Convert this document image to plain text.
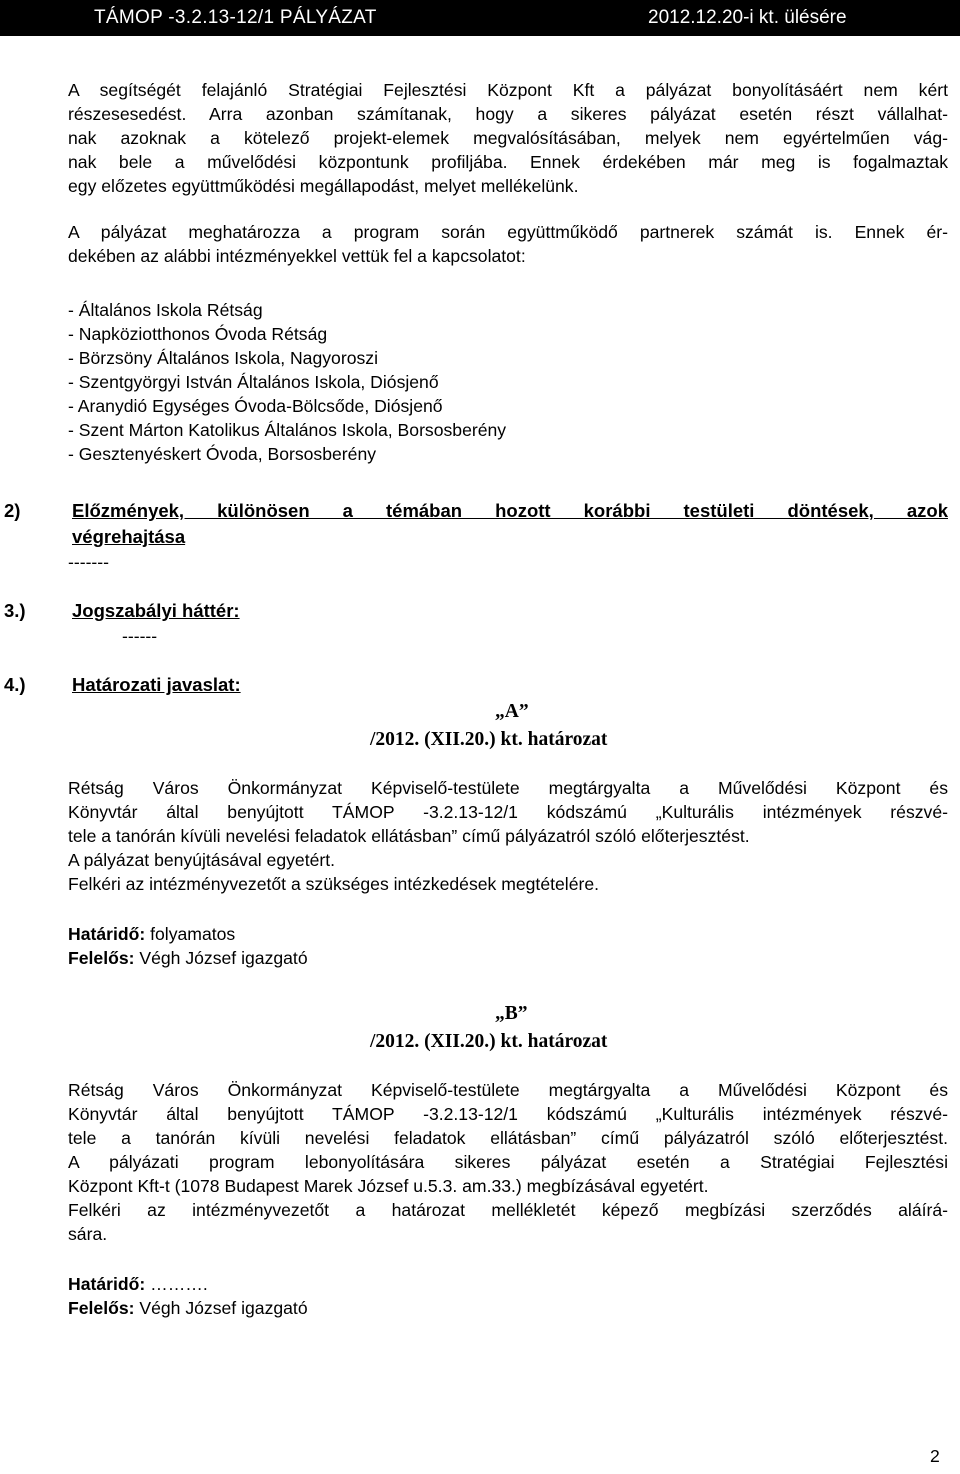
TÁMOP -3.2.13-12/1 PÁLYÁZAT	2012.12.20-i kt. ülésére
A segítségét felajánló Stratégiai Fejlesztési Központ Kft a pályázat bonyolításáért nem kért
részesesedést. Arra azonban számítanak, hogy a sikeres pályázat esetén részt vállalhat-
nak azoknak a kötelező projekt-elemek megvalósításában, melyek nem egyértelműen vág-
nak bele a művelődési központunk profiljába. Ennek érdekében már meg is fogalmaztak
egy előzetes együttműködési megállapodást, melyet mellékelünk.
A pályázat meghatározza a program során együttműködő partnerek számát is. Ennek ér-
dekében az alábbi intézményekkel vettük fel a kapcsolatot:
- Általános Iskola Rétság
- Napköziotthonos Óvoda Rétság
- Börzsöny Általános Iskola, Nagyoroszi
- Szentgyörgyi István Általános Iskola, Diósjenő
- Aranydió Egységes Óvoda-Bölcsőde, Diósjenő
- Szent Márton Katolikus Általános Iskola, Borsosberény
- Gesztenyéskert Óvoda, Borsosberény
2)	Előzmények, különösen a témában hozott korábbi testületi döntések, azok
végrehajtása
-------
3.)	Jogszabályi háttér:
------
4.)	Határozati javaslat:
„A”
/2012. (XII.20.) kt. határozat
Rétság Város Önkormányzat Képviselő-testülete megtárgyalta a Művelődési Központ és
Könyvtár által benyújtott TÁMOP -3.2.13-12/1 kódszámú „Kulturális intézmények részvé-
tele a tanórán kívüli nevelési feladatok ellátásban” című pályázatról szóló előterjesztést.
A pályázat benyújtásával egyetért.
Felkéri az intézményvezetőt a szükséges intézkedések megtételére.
Határidő: folyamatos
Felelős: Végh József igazgató
„B”
/2012. (XII.20.) kt. határozat
Rétság Város Önkormányzat Képviselő-testülete megtárgyalta a Művelődési Központ és
Könyvtár által benyújtott TÁMOP -3.2.13-12/1 kódszámú „Kulturális intézmények részvé-
tele a tanórán kívüli nevelési feladatok ellátásban” című pályázatról szóló előterjesztést.
A pályázati program lebonyolítására sikeres pályázat esetén a Stratégiai Fejlesztési
Központ Kft-t (1078 Budapest Marek József u.5.3. am.33.) megbízásával egyetért.
Felkéri az intézményvezetőt a határozat mellékletét képező megbízási szerződés aláírá-
sára.
Határidő: ……….
Felelős: Végh József igazgató
2
